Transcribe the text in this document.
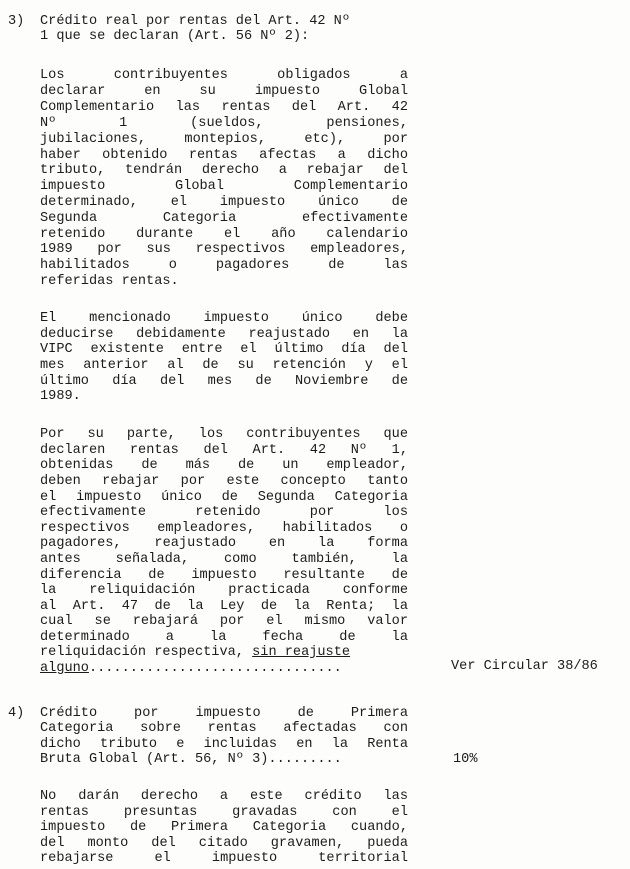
3) Crédito real por rentas del Art. 42 Nº
1 que se declaran (Art. 56 Nº 2):
Los contribuyentes obligados a
declarar en su impuesto Global
Complementario las rentas del Art. 42
Nº 1 (sueldos, pensiones,
jubilaciones, montepios, etc), por
haber obtenido rentas afectas a dicho
tributo, tendrán derecho a rebajar del
impuesto Global Complementario
determinado, el impuesto único de
Segunda Categoria efectivamente
retenido durante el año calendario
1989 por sus respectivos empleadores,
habilitados o pagadores de las
referidas rentas.
El mencionado impuesto único debe
deducirse debidamente reajustado en la
VIPC existente entre el último día del
mes anterior al de su retención y el
último día del mes de Noviembre de
1989.
Por su parte, los contribuyentes que
declaren rentas del Art. 42 Nº 1,
obtenidas de más de un empleador,
deben rebajar por este concepto tanto
el impuesto único de Segunda Categoria
efectivamente retenido por los
respectivos empleadores, habilitados o
pagadores, reajustado en la forma
antes señalada, como también, la
diferencia de impuesto resultante de
la reliquidación practicada conforme
al Art. 47 de la Ley de la Renta; la
cual se rebajará por el mismo valor
determinado a la fecha de la
reliquidación respectiva, sin reajuste
alguno...............................	Ver Circular 38/86
4) Crédito por impuesto de Primera
Categoria sobre rentas afectadas con
dicho tributo e incluidas en la Renta
Bruta Global (Art. 56, Nº 3).........	10%
No darán derecho a este crédito las
rentas presuntas gravadas con el
impuesto de Primera Categoria cuando,
del monto del citado gravamen, pueda
rebajarse el impuesto territorial
